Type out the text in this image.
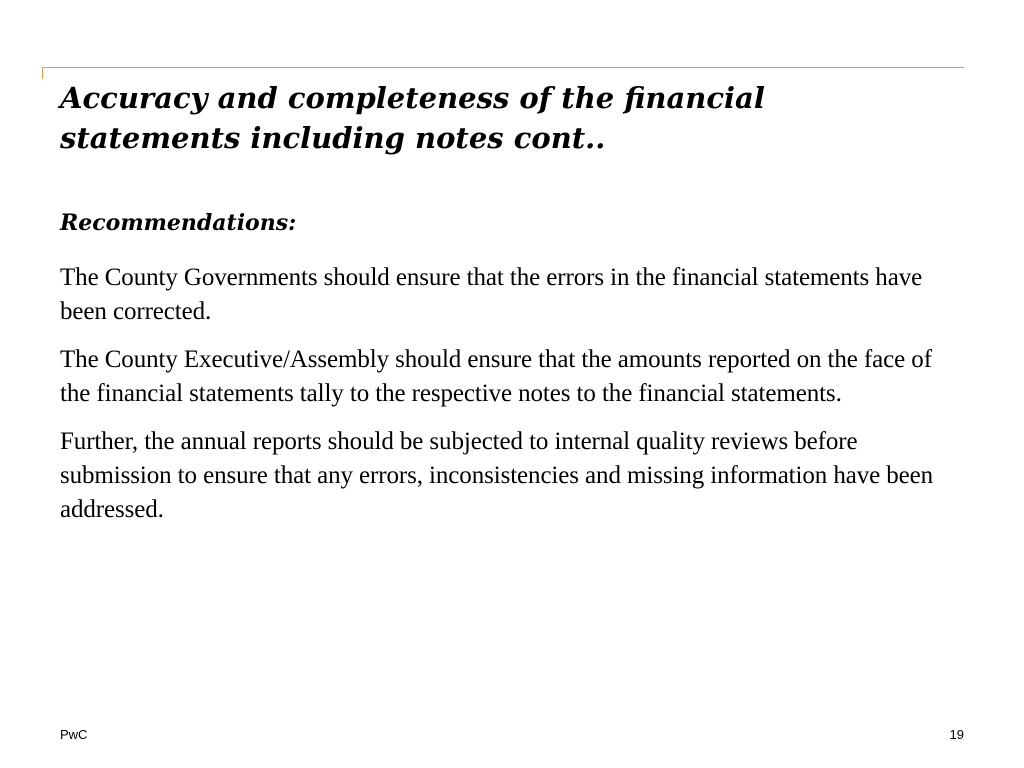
Accuracy and completeness of the financial statements including notes cont..

Recommendations:

The County Governments should ensure that the errors in the financial statements have been corrected.

The County Executive/Assembly should ensure that the amounts reported on the face of the financial statements tally to the respective notes to the financial statements.

Further, the annual reports should be subjected to internal quality reviews before submission to ensure that any errors, inconsistencies and missing information have been addressed.

PwC	19
